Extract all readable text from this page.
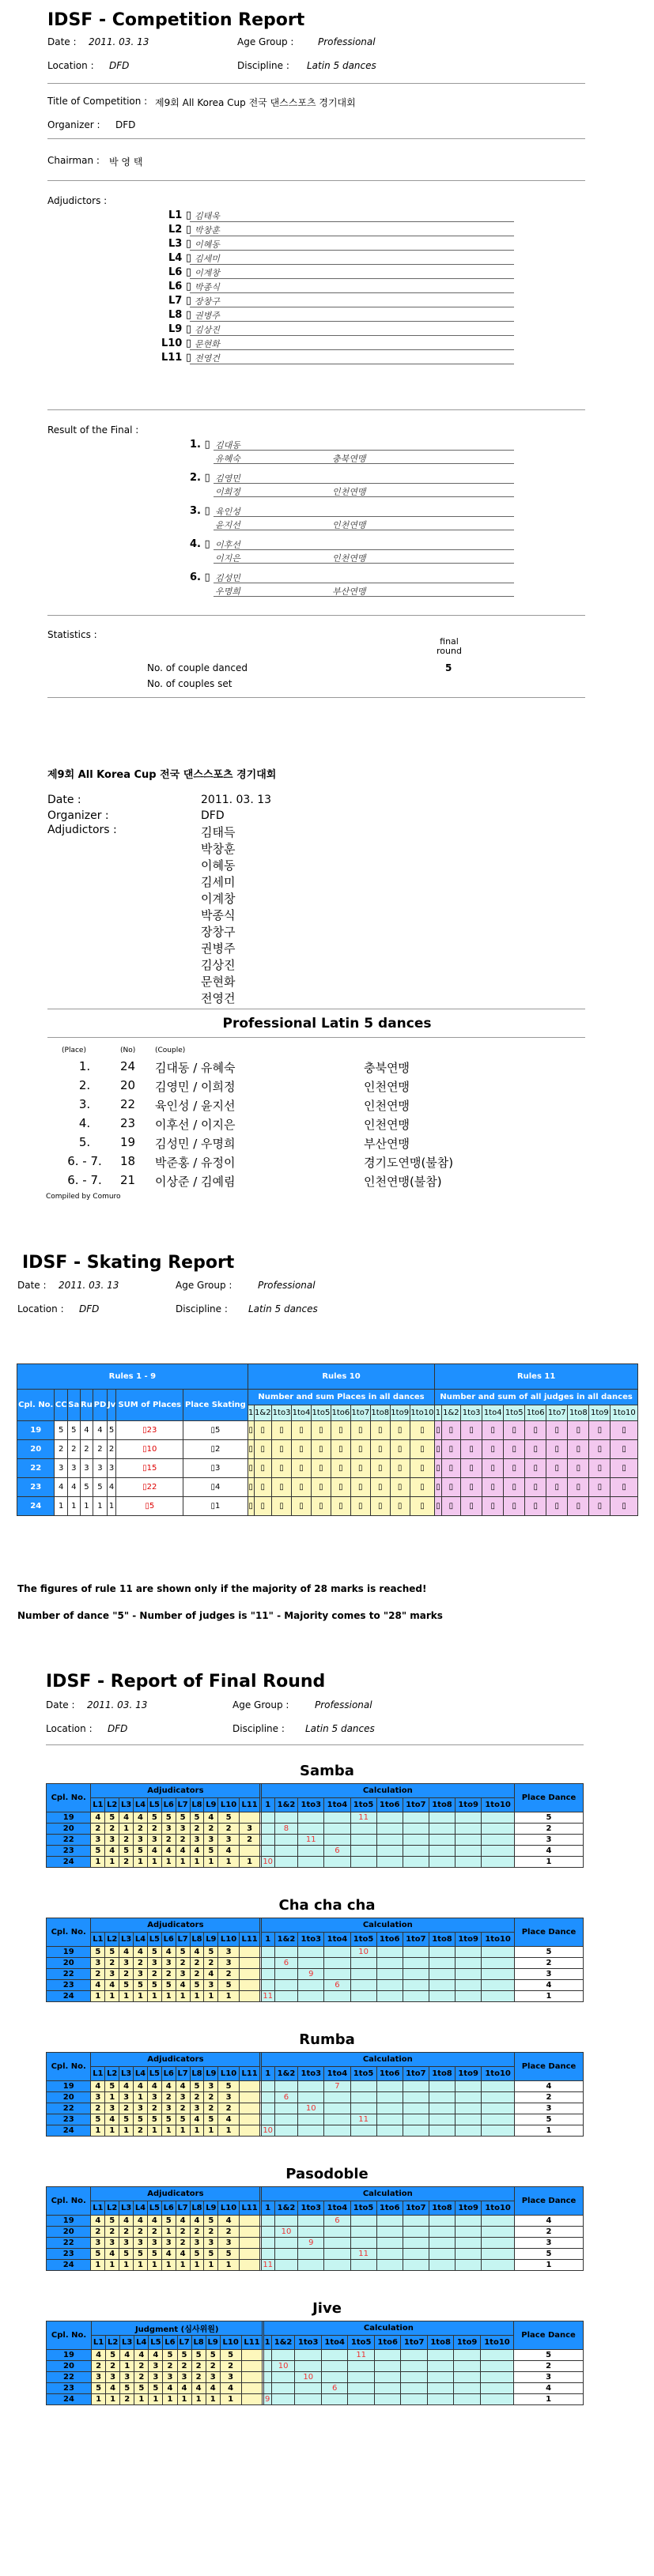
IDSF - Competition Report
Date : 2011. 03. 13	Age Group :	Professional
Location : DFD	Discipline : Latin 5 dances
Title of Competition : 제9회 All Korea Cup 전국 댄스스포츠 경기대회
Organizer : DFD
Chairman : 박 영 택
Adjudictors :
L1 ▯ 김태욱
L2 ▯ 박창훈
L3 ▯ 이혜동
L4 ▯ 김세미
L6 ▯ 이계창
L6 ▯ 박종식
L7 ▯ 장창구
L8 ▯ 권병주
L9 ▯ 김상진
L10 ▯ 문현화
L11 ▯ 전영건
Result of the Final :
1. ▯ 김대동
유혜숙	충북연맹
2. ▯ 김영민
이희정	인천연맹
3. ▯ 육인성
윤지선	인천연맹
4. ▯ 이후선
이지은	인천연맹
6. ▯ 김성민
우명희	부산연맹
Statistics :
final round
No. of couple danced	5
No. of couples set
제9회 All Korea Cup 전국 댄스스포츠 경기대회
Date :	2011. 03. 13
Organizer :	DFD
Adjudictors :	김태득
박창훈
이혜동
김세미
이계창
박종식
장창구
권병주
김상진
문현화
전영건
Professional Latin 5 dances
(Place)	(No)	(Couple)
1.	24 김대동 / 유혜숙	충북연맹
2.	20 김영민 / 이희정	인천연맹
3.	22 육인성 / 윤지선	인천연맹
4.	23 이후선 / 이지은	인천연맹
5.	19 김성민 / 우명희	부산연맹
6. - 7. 18 박준홍 / 유정이	경기도연맹(불참)
6. - 7. 21 이상준 / 김예림	인천연맹(불참)
Compiled by Comuro
IDSF - Skating Report
Date : 2011. 03. 13	Age Group :	Professional
Location : DFD	Discipline : Latin 5 dances
Rules 1 - 9								Rules 10										Rules 11									
Cpl. No.	CC	Sa	Ru	PD	Jv	SUM of Places	Place Skating	Number and sum Places in all dances										Number and sum of all judges in all dances									
								1	1&2	1to3	1to4	1to5	1to6	1to7	1to8	1to9	1to10	1	1&2	1to3	1to4	1to5	1to6	1to7	1to8	1to9	1to10
19	5	5	4	4	5	▯23	▯5	▯	▯	▯	▯	▯	▯	▯	▯	▯	▯	▯	▯	▯	▯	▯	▯	▯	▯	▯	▯
20	2	2	2	2	2	▯10	▯2	▯	▯	▯	▯	▯	▯	▯	▯	▯	▯	▯	▯	▯	▯	▯	▯	▯	▯	▯	▯
22	3	3	3	3	3	▯15	▯3	▯	▯	▯	▯	▯	▯	▯	▯	▯	▯	▯	▯	▯	▯	▯	▯	▯	▯	▯	▯
23	4	4	5	5	4	▯22	▯4	▯	▯	▯	▯	▯	▯	▯	▯	▯	▯	▯	▯	▯	▯	▯	▯	▯	▯	▯	▯
24	1	1	1	1	1	▯5	▯1	▯	▯	▯	▯	▯	▯	▯	▯	▯	▯	▯	▯	▯	▯	▯	▯	▯	▯	▯	▯
The figures of rule 11 are shown only if the majority of 28 marks is reached!
Number of dance "5" - Number of judges is "11" - Majority comes to "28" marks
IDSF - Report of Final Round
Date : 2011. 03. 13	Age Group :	Professional
Location : DFD	Discipline : Latin 5 dances
Samba
Cpl. No.	Adjudicators												Calculation										Place Dance
	L1	L2	L3	L4	L5	L6	L7	L8	L9	L10	L11		1	1&2	1to3	1to4	1to5	1to6	1to7	1to8	1to9	1to10	
19	4	5	4	4	5	5	5	5	4	5							11						5
20	2	2	1	2	2	3	3	2	2	2	3			8									2
22	3	3	2	3	3	2	2	3	3	3	2				11								3
23	5	4	5	5	4	4	4	4	5	4						6							4
24	1	1	2	1	1	1	1	1	1	1	1		10										1
Cha cha cha
Cpl. No.	Adjudicators												Calculation										Place Dance
	L1	L2	L3	L4	L5	L6	L7	L8	L9	L10	L11		1	1&2	1to3	1to4	1to5	1to6	1to7	1to8	1to9	1to10	
19	5	5	4	4	5	4	5	4	5	3							10						5
20	3	2	3	2	3	3	2	2	2	3				6									2
22	2	3	2	3	2	2	3	2	4	2					9								3
23	4	4	5	5	5	5	4	5	3	5						6							4
24	1	1	1	1	1	1	1	1	1	1			11										1
Rumba
Cpl. No.	Adjudicators												Calculation										Place Dance
	L1	L2	L3	L4	L5	L6	L7	L8	L9	L10	L11		1	1&2	1to3	1to4	1to5	1to6	1to7	1to8	1to9	1to10	
19	4	5	4	4	4	4	4	5	3	5						7							4
20	3	1	3	1	3	2	3	2	2	3				6									2
22	2	3	2	3	2	3	2	3	2	2					10								3
23	5	4	5	5	5	5	5	4	5	4							11						5
24	1	1	1	2	1	1	1	1	1	1			10										1
Pasodoble
Cpl. No.	Adjudicators												Calculation										Place Dance
	L1	L2	L3	L4	L5	L6	L7	L8	L9	L10	L11		1	1&2	1to3	1to4	1to5	1to6	1to7	1to8	1to9	1to10	
19	4	5	4	4	4	5	4	4	5	4						6							4
20	2	2	2	2	2	1	2	2	2	2				10									2
22	3	3	3	3	3	3	2	3	3	3					9								3
23	5	4	5	5	5	4	4	5	5	5							11						5
24	1	1	1	1	1	1	1	1	1	1			11										1
Jive
Cpl. No.	Judgment (심사위원)												Calculation										Place Dance
	L1	L2	L3	L4	L5	L6	L7	L8	L9	L10	L11		1	1&2	1to3	1to4	1to5	1to6	1to7	1to8	1to9	1to10	
19	4	5	4	4	4	5	5	5	5	5							11						5
20	2	2	1	2	3	2	2	2	2	2				10									2
22	3	3	3	2	3	3	3	2	3	3					10								3
23	5	4	5	5	5	4	4	4	4	4						6							4
24	1	1	2	1	1	1	1	1	1	1			9										1
